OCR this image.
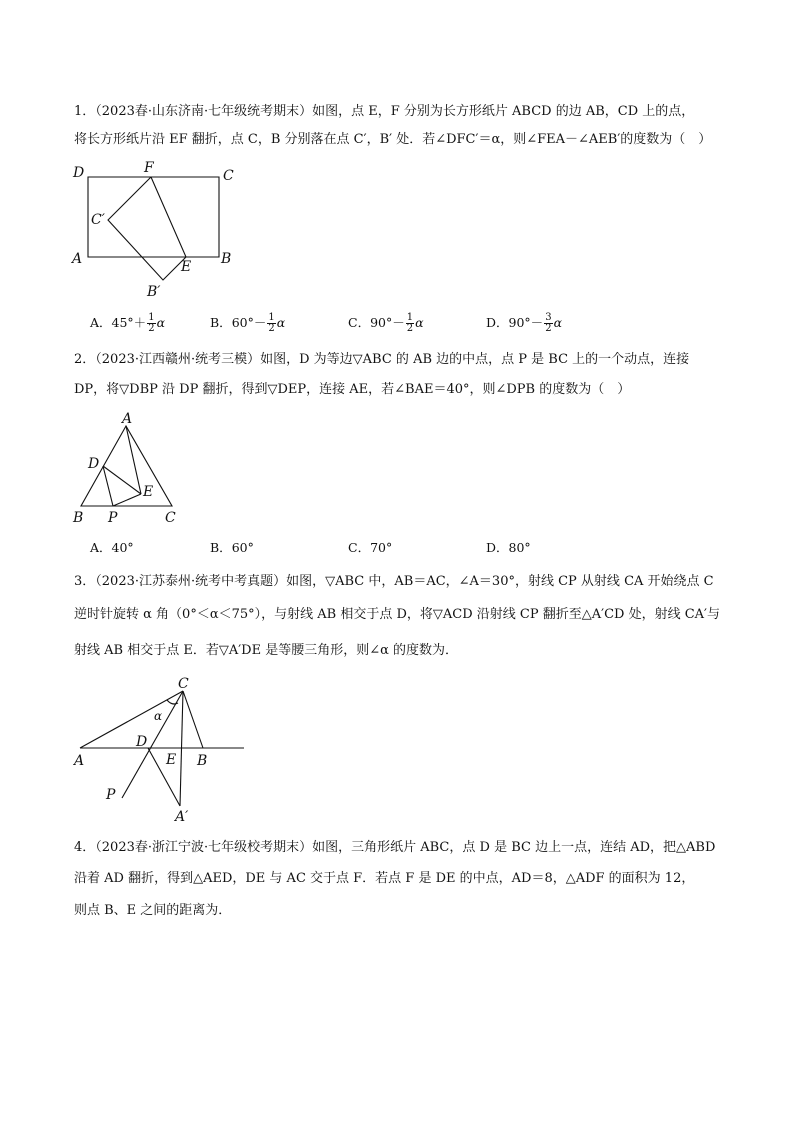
1．（2023春·山东济南·七年级统考期末）如图，点 E，F 分别为长方形纸片 ABCD 的边 AB，CD 上的点，
将长方形纸片沿 EF 翻折，点 C，B 分别落在点 C′，B′ 处．若∠DFC′＝α，则∠FEA－∠AEB′的度数为（　）
D	F	C
C′
A	E B
B′
A．$45^\circ+ \frac{1}{2}$ α	B．$60^\circ- \frac{1}{2}$ α	C．$90^\circ- \frac{1}{2}$ α	D．$90^\circ- \frac{3}{2}$ α
2．（2023·江西赣州·统考三模）如图，D 为等边▽ABC 的 AB 边的中点，点 P 是 BC 上的一个动点，连接
DP，将▽DBP 沿 DP 翻折，得到▽DEP，连接 AE，若∠BAE＝40°，则∠DPB 的度数为（　）
A
D
E
B P	C
A．40°	B．60°	C．70°	D．80°
3．（2023·江苏泰州·统考中考真题）如图，▽ABC 中，AB＝AC，∠A＝30°，射线 CP 从射线 CA 开始绕点 C
逆时针旋转 α 角（0°＜α＜75°），与射线 AB 相交于点 D，将▽ACD 沿射线 CP 翻折至△A′CD 处，射线 CA′与
射线 AB 相交于点 E．若▽A′DE 是等腰三角形，则∠α 的度数为．
C
α
D
A	E B
P
A′
4．（2023春·浙江宁波·七年级校考期末）如图，三角形纸片 ABC，点 D 是 BC 边上一点，连结 AD，把△ABD
沿着 AD 翻折，得到△AED，DE 与 AC 交于点 F．若点 F 是 DE 的中点，AD＝8，△ADF 的面积为 12，
则点 B、E 之间的距离为．
